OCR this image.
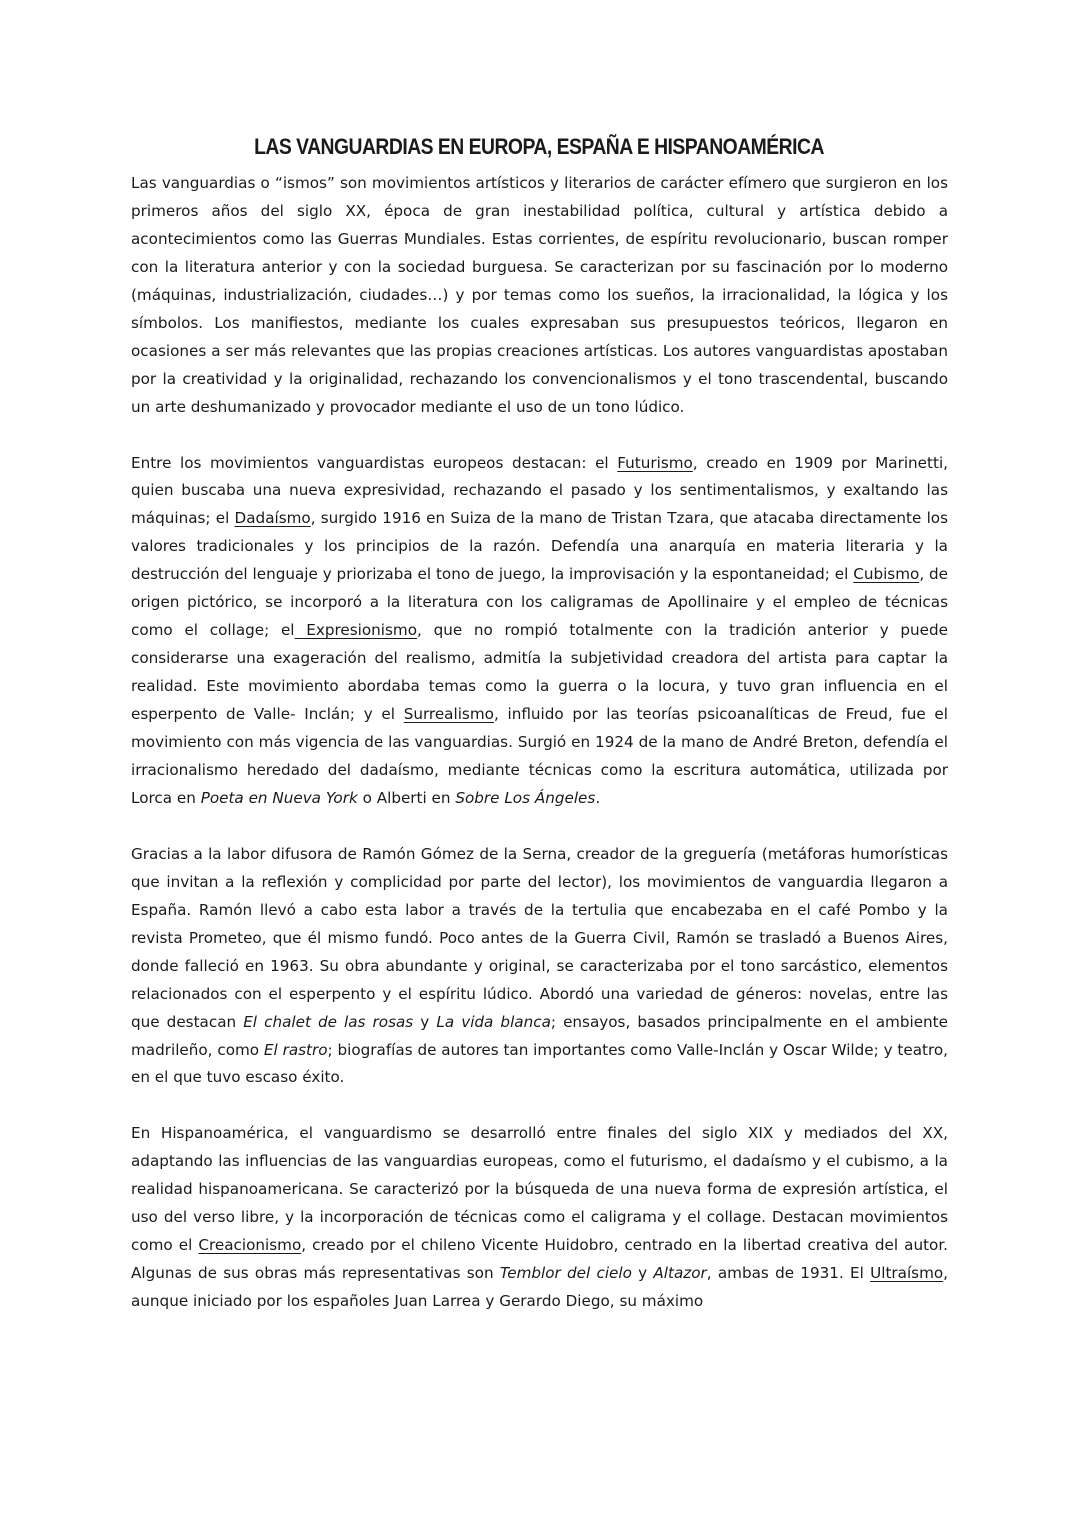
LAS VANGUARDIAS EN EUROPA, ESPAÑA E HISPANOAMÉRICA

Las vanguardias o “ismos” son movimientos artísticos y literarios de carácter efímero que surgieron en los primeros años del siglo XX, época de gran inestabilidad política, cultural y artística debido a acontecimientos como las Guerras Mundiales. Estas corrientes, de espíritu revolucionario, buscan romper con la literatura anterior y con la sociedad burguesa. Se caracterizan por su fascinación por lo moderno (máquinas, industrialización, ciudades…) y por temas como los sueños, la irracionalidad, la lógica y los símbolos. Los manifiestos, mediante los cuales expresaban sus presupuestos teóricos, llegaron en ocasiones a ser más relevantes que las propias creaciones artísticas. Los autores vanguardistas apostaban por la creatividad y la originalidad, rechazando los convencionalismos y el tono trascendental, buscando un arte deshumanizado y provocador mediante el uso de un tono lúdico.

Entre los movimientos vanguardistas europeos destacan: el Futurismo, creado en 1909 por Marinetti, quien buscaba una nueva expresividad, rechazando el pasado y los sentimentalismos, y exaltando las máquinas; el Dadaísmo, surgido 1916 en Suiza de la mano de Tristan Tzara, que atacaba directamente los valores tradicionales y los principios de la razón. Defendía una anarquía en materia literaria y la destrucción del lenguaje y priorizaba el tono de juego, la improvisación y la espontaneidad; el Cubismo, de origen pictórico, se incorporó a la literatura con los caligramas de Apollinaire y el empleo de técnicas como el collage; el Expresionismo, que no rompió totalmente con la tradición anterior y puede considerarse una exageración del realismo, admitía la subjetividad creadora del artista para captar la realidad. Este movimiento abordaba temas como la guerra o la locura, y tuvo gran influencia en el esperpento de Valle- Inclán; y el Surrealismo, influido por las teorías psicoanalíticas de Freud, fue el movimiento con más vigencia de las vanguardias. Surgió en 1924 de la mano de André Breton, defendía el irracionalismo heredado del dadaísmo, mediante técnicas como la escritura automática, utilizada por Lorca en Poeta en Nueva York o Alberti en Sobre Los Ángeles.

Gracias a la labor difusora de Ramón Gómez de la Serna, creador de la greguería (metáforas humorísticas que invitan a la reflexión y complicidad por parte del lector), los movimientos de vanguardia llegaron a España. Ramón llevó a cabo esta labor a través de la tertulia que encabezaba en el café Pombo y la revista Prometeo, que él mismo fundó. Poco antes de la Guerra Civil, Ramón se trasladó a Buenos Aires, donde falleció en 1963. Su obra abundante y original, se caracterizaba por el tono sarcástico, elementos relacionados con el esperpento y el espíritu lúdico. Abordó una variedad de géneros: novelas, entre las que destacan El chalet de las rosas y La vida blanca; ensayos, basados principalmente en el ambiente madrileño, como El rastro; biografías de autores tan importantes como Valle-Inclán y Oscar Wilde; y teatro, en el que tuvo escaso éxito.

En Hispanoamérica, el vanguardismo se desarrolló entre finales del siglo XIX y mediados del XX, adaptando las influencias de las vanguardias europeas, como el futurismo, el dadaísmo y el cubismo, a la realidad hispanoamericana. Se caracterizó por la búsqueda de una nueva forma de expresión artística, el uso del verso libre, y la incorporación de técnicas como el caligrama y el collage. Destacan movimientos como el Creacionismo, creado por el chileno Vicente Huidobro, centrado en la libertad creativa del autor. Algunas de sus obras más representativas son Temblor del cielo y Altazor, ambas de 1931. El Ultraísmo, aunque iniciado por los españoles Juan Larrea y Gerardo Diego, su máximo
